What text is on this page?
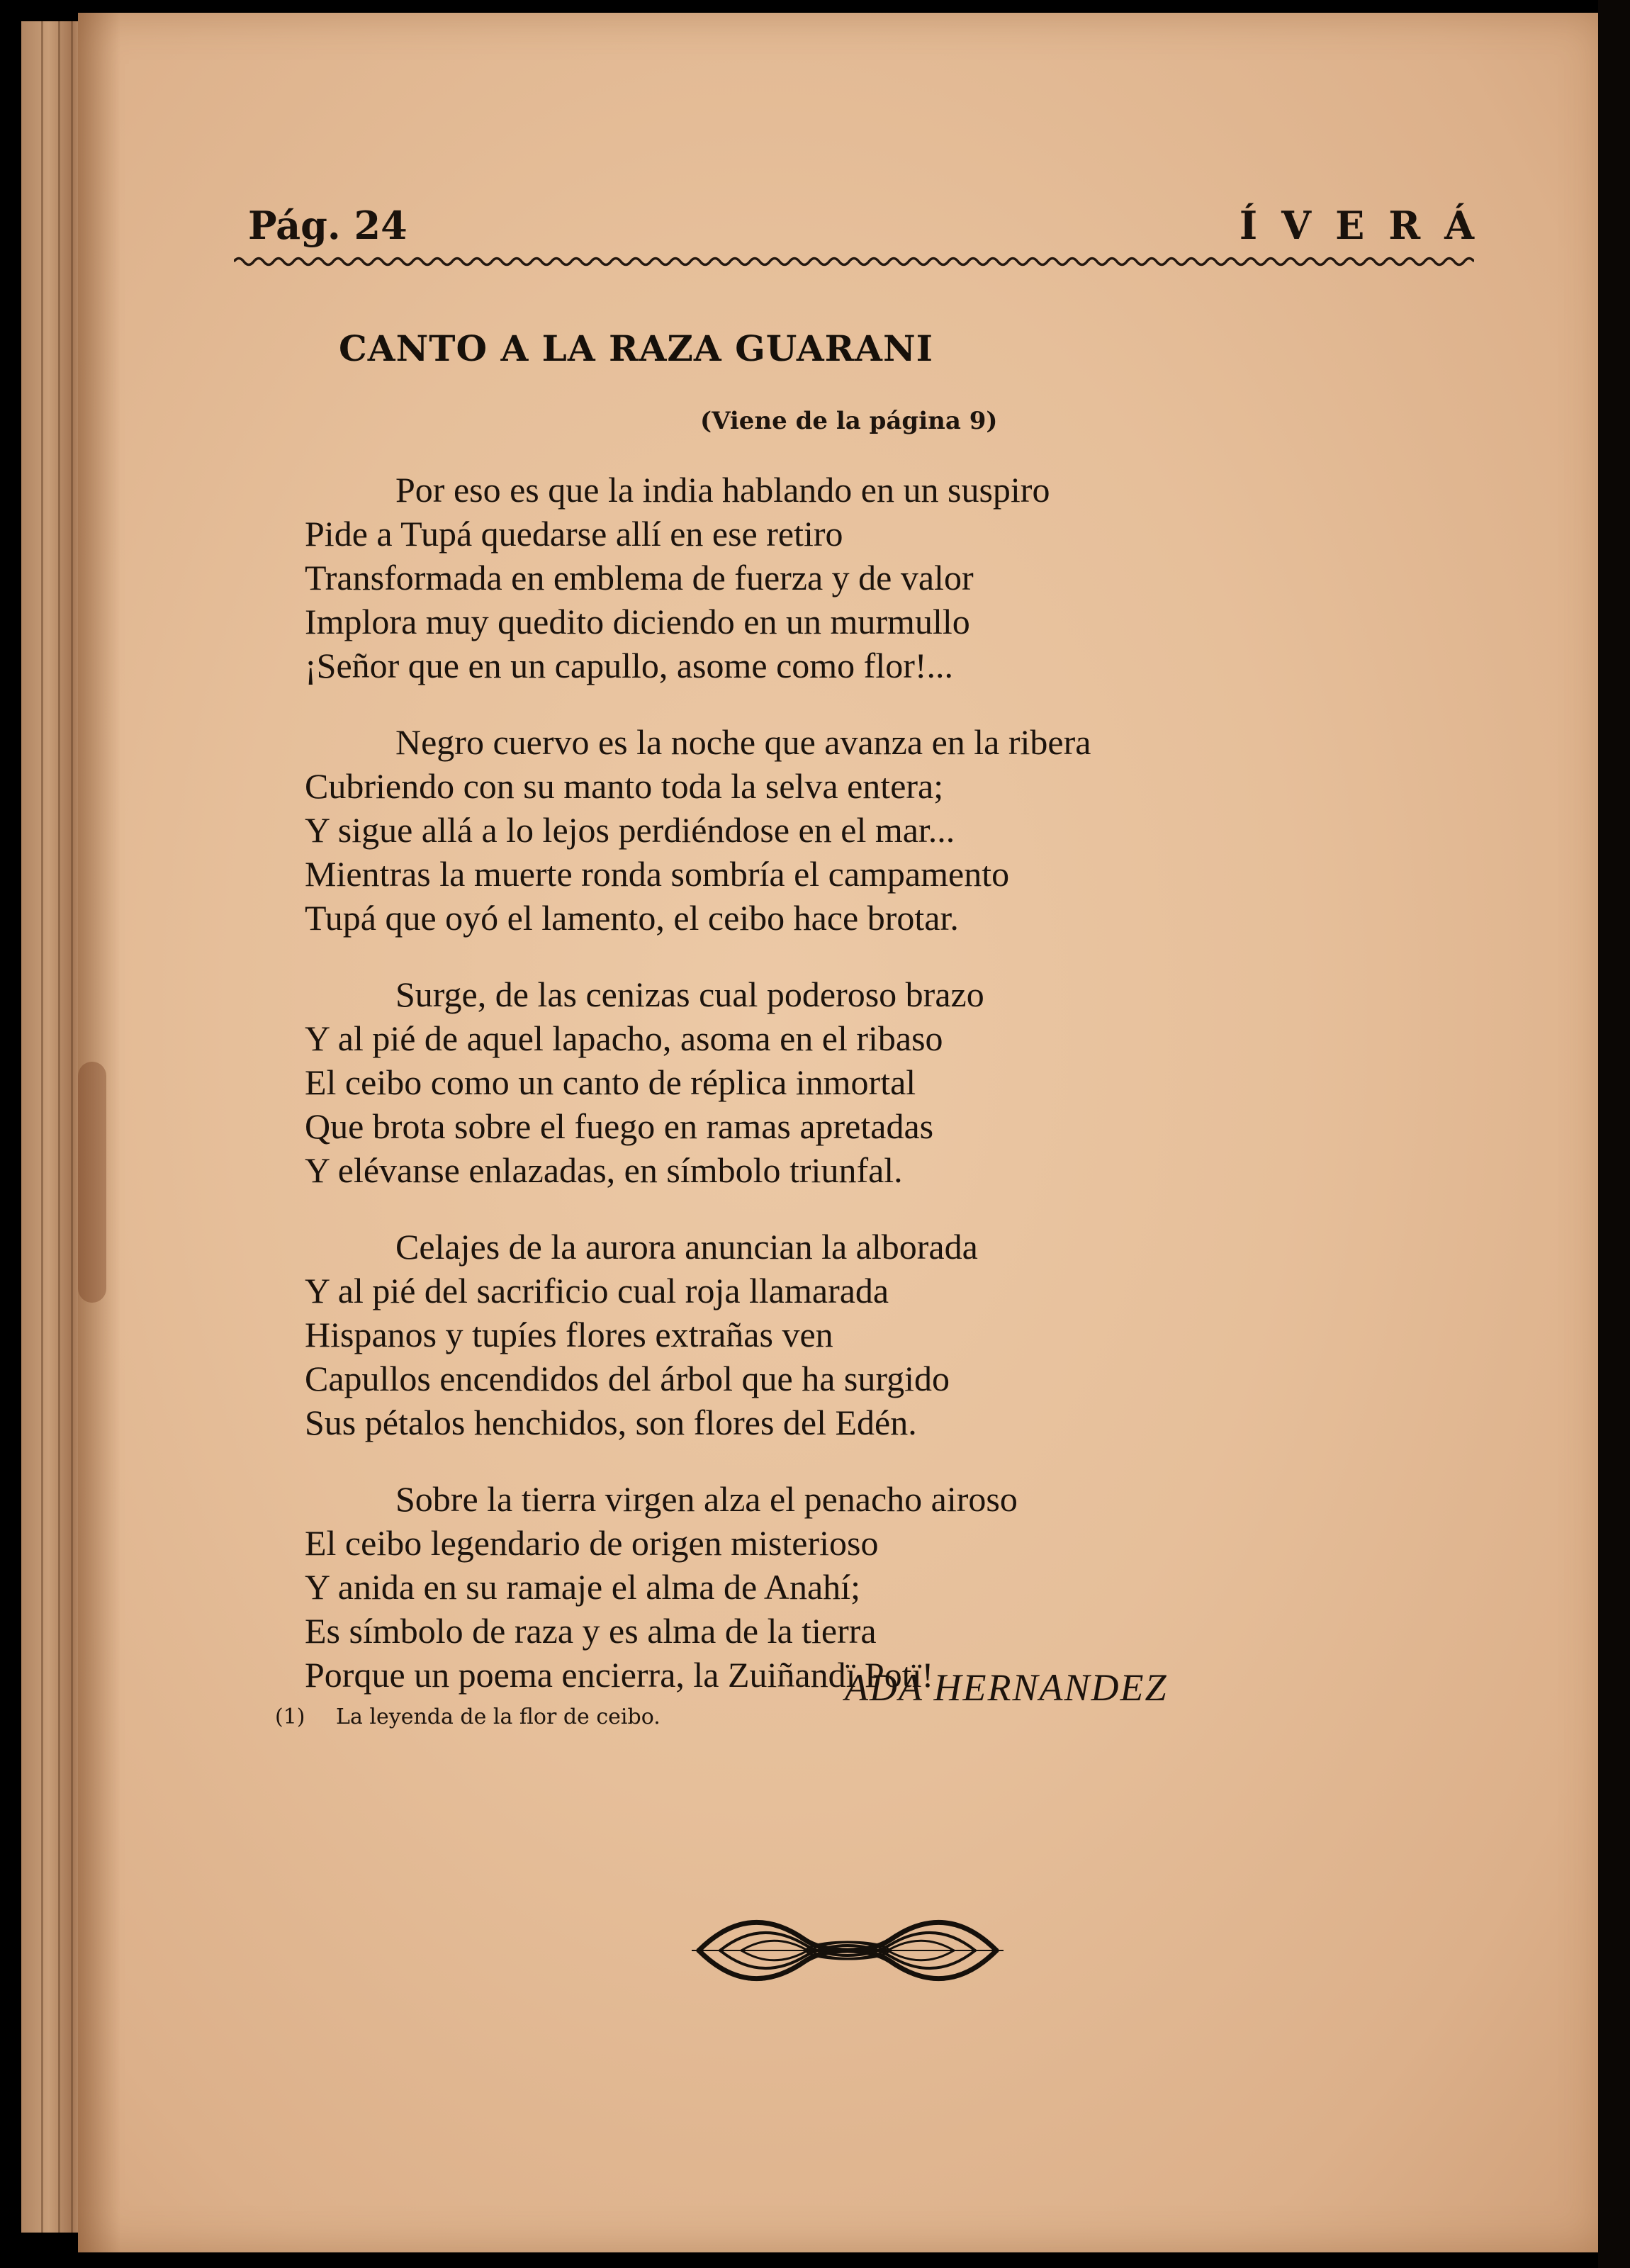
Pág. 24	ÍVERÁ
CANTO A LA RAZA GUARANI
(Viene de la página 9)
Por eso es que la india hablando en un suspiro
Pide a Tupá quedarse allí en ese retiro
Transformada en emblema de fuerza y de valor
Implora muy quedito diciendo en un murmullo
¡Señor que en un capullo, asome como flor!...
Negro cuervo es la noche que avanza en la ribera
Cubriendo con su manto toda la selva entera;
Y sigue allá a lo lejos perdiéndose en el mar...
Mientras la muerte ronda sombría el campamento
Tupá que oyó el lamento, el ceibo hace brotar.
Surge, de las cenizas cual poderoso brazo
Y al pié de aquel lapacho, asoma en el ribaso
El ceibo como un canto de réplica inmortal
Que brota sobre el fuego en ramas apretadas
Y elévanse enlazadas, en símbolo triunfal.
Celajes de la aurora anuncian la alborada
Y al pié del sacrificio cual roja llamarada
Hispanos y tupíes flores extrañas ven
Capullos encendidos del árbol que ha surgido
Sus pétalos henchidos, son flores del Edén.
Sobre la tierra virgen alza el penacho airoso
El ceibo legendario de origen misterioso
Y anida en su ramaje el alma de Anahí;
Es símbolo de raza y es alma de la tierra
Porque un poema encierra, la Zuiñandï Potï!
ADA HERNANDEZ
(1) La leyenda de la flor de ceibo.
